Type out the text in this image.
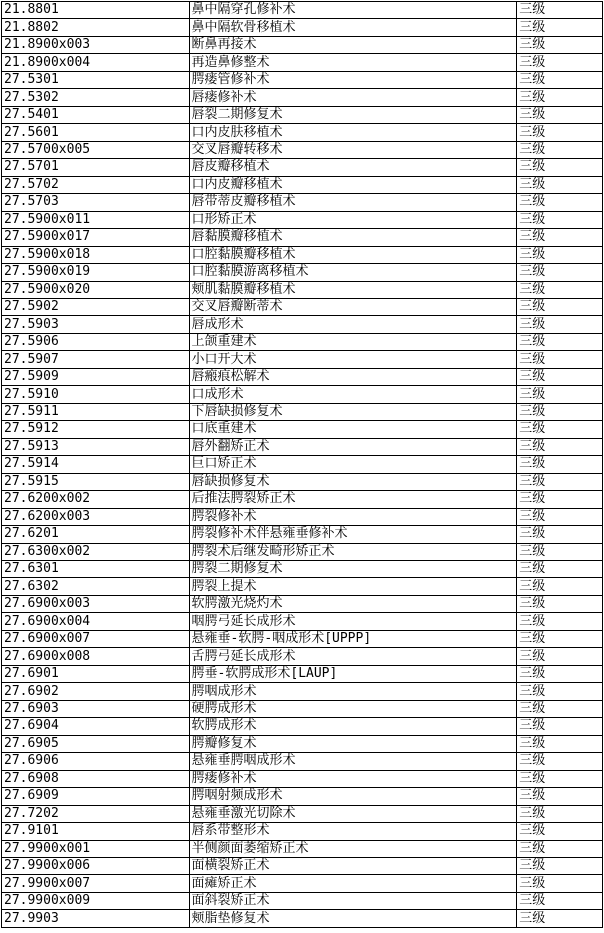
21.8801	鼻中隔穿孔修补术	三级
21.8802	鼻中隔软骨移植术	三级
21.8900x003	断鼻再接术	三级
21.8900x004	再造鼻修整术	三级
27.5301	腭瘘管修补术	三级
27.5302	唇瘘修补术	三级
27.5401	唇裂二期修复术	三级
27.5601	口内皮肤移植术	三级
27.5700x005	交叉唇瓣转移术	三级
27.5701	唇皮瓣移植术	三级
27.5702	口内皮瓣移植术	三级
27.5703	唇带蒂皮瓣移植术	三级
27.5900x011	口形矫正术	三级
27.5900x017	唇黏膜瓣移植术	三级
27.5900x018	口腔黏膜瓣移植术	三级
27.5900x019	口腔黏膜游离移植术	三级
27.5900x020	颊肌黏膜瓣移植术	三级
27.5902	交叉唇瓣断蒂术	三级
27.5903	唇成形术	三级
27.5906	上颌重建术	三级
27.5907	小口开大术	三级
27.5909	唇瘢痕松解术	三级
27.5910	口成形术	三级
27.5911	下唇缺损修复术	三级
27.5912	口底重建术	三级
27.5913	唇外翻矫正术	三级
27.5914	巨口矫正术	三级
27.5915	唇缺损修复术	三级
27.6200x002	后推法腭裂矫正术	三级
27.6200x003	腭裂修补术	三级
27.6201	腭裂修补术伴悬雍垂修补术	三级
27.6300x002	腭裂术后继发畸形矫正术	三级
27.6301	腭裂二期修复术	三级
27.6302	腭裂上提术	三级
27.6900x003	软腭激光烧灼术	三级
27.6900x004	咽腭弓延长成形术	三级
27.6900x007	悬雍垂-软腭-咽成形术[UPPP]	三级
27.6900x008	舌腭弓延长成形术	三级
27.6901	腭垂-软腭成形术[LAUP]	三级
27.6902	腭咽成形术	三级
27.6903	硬腭成形术	三级
27.6904	软腭成形术	三级
27.6905	腭瓣修复术	三级
27.6906	悬雍垂腭咽成形术	三级
27.6908	腭瘘修补术	三级
27.6909	腭咽射频成形术	三级
27.7202	悬雍垂激光切除术	三级
27.9101	唇系带整形术	三级
27.9900x001	半侧颜面萎缩矫正术	三级
27.9900x006	面横裂矫正术	三级
27.9900x007	面瘫矫正术	三级
27.9900x009	面斜裂矫正术	三级
27.9903	颊脂垫修复术	三级
